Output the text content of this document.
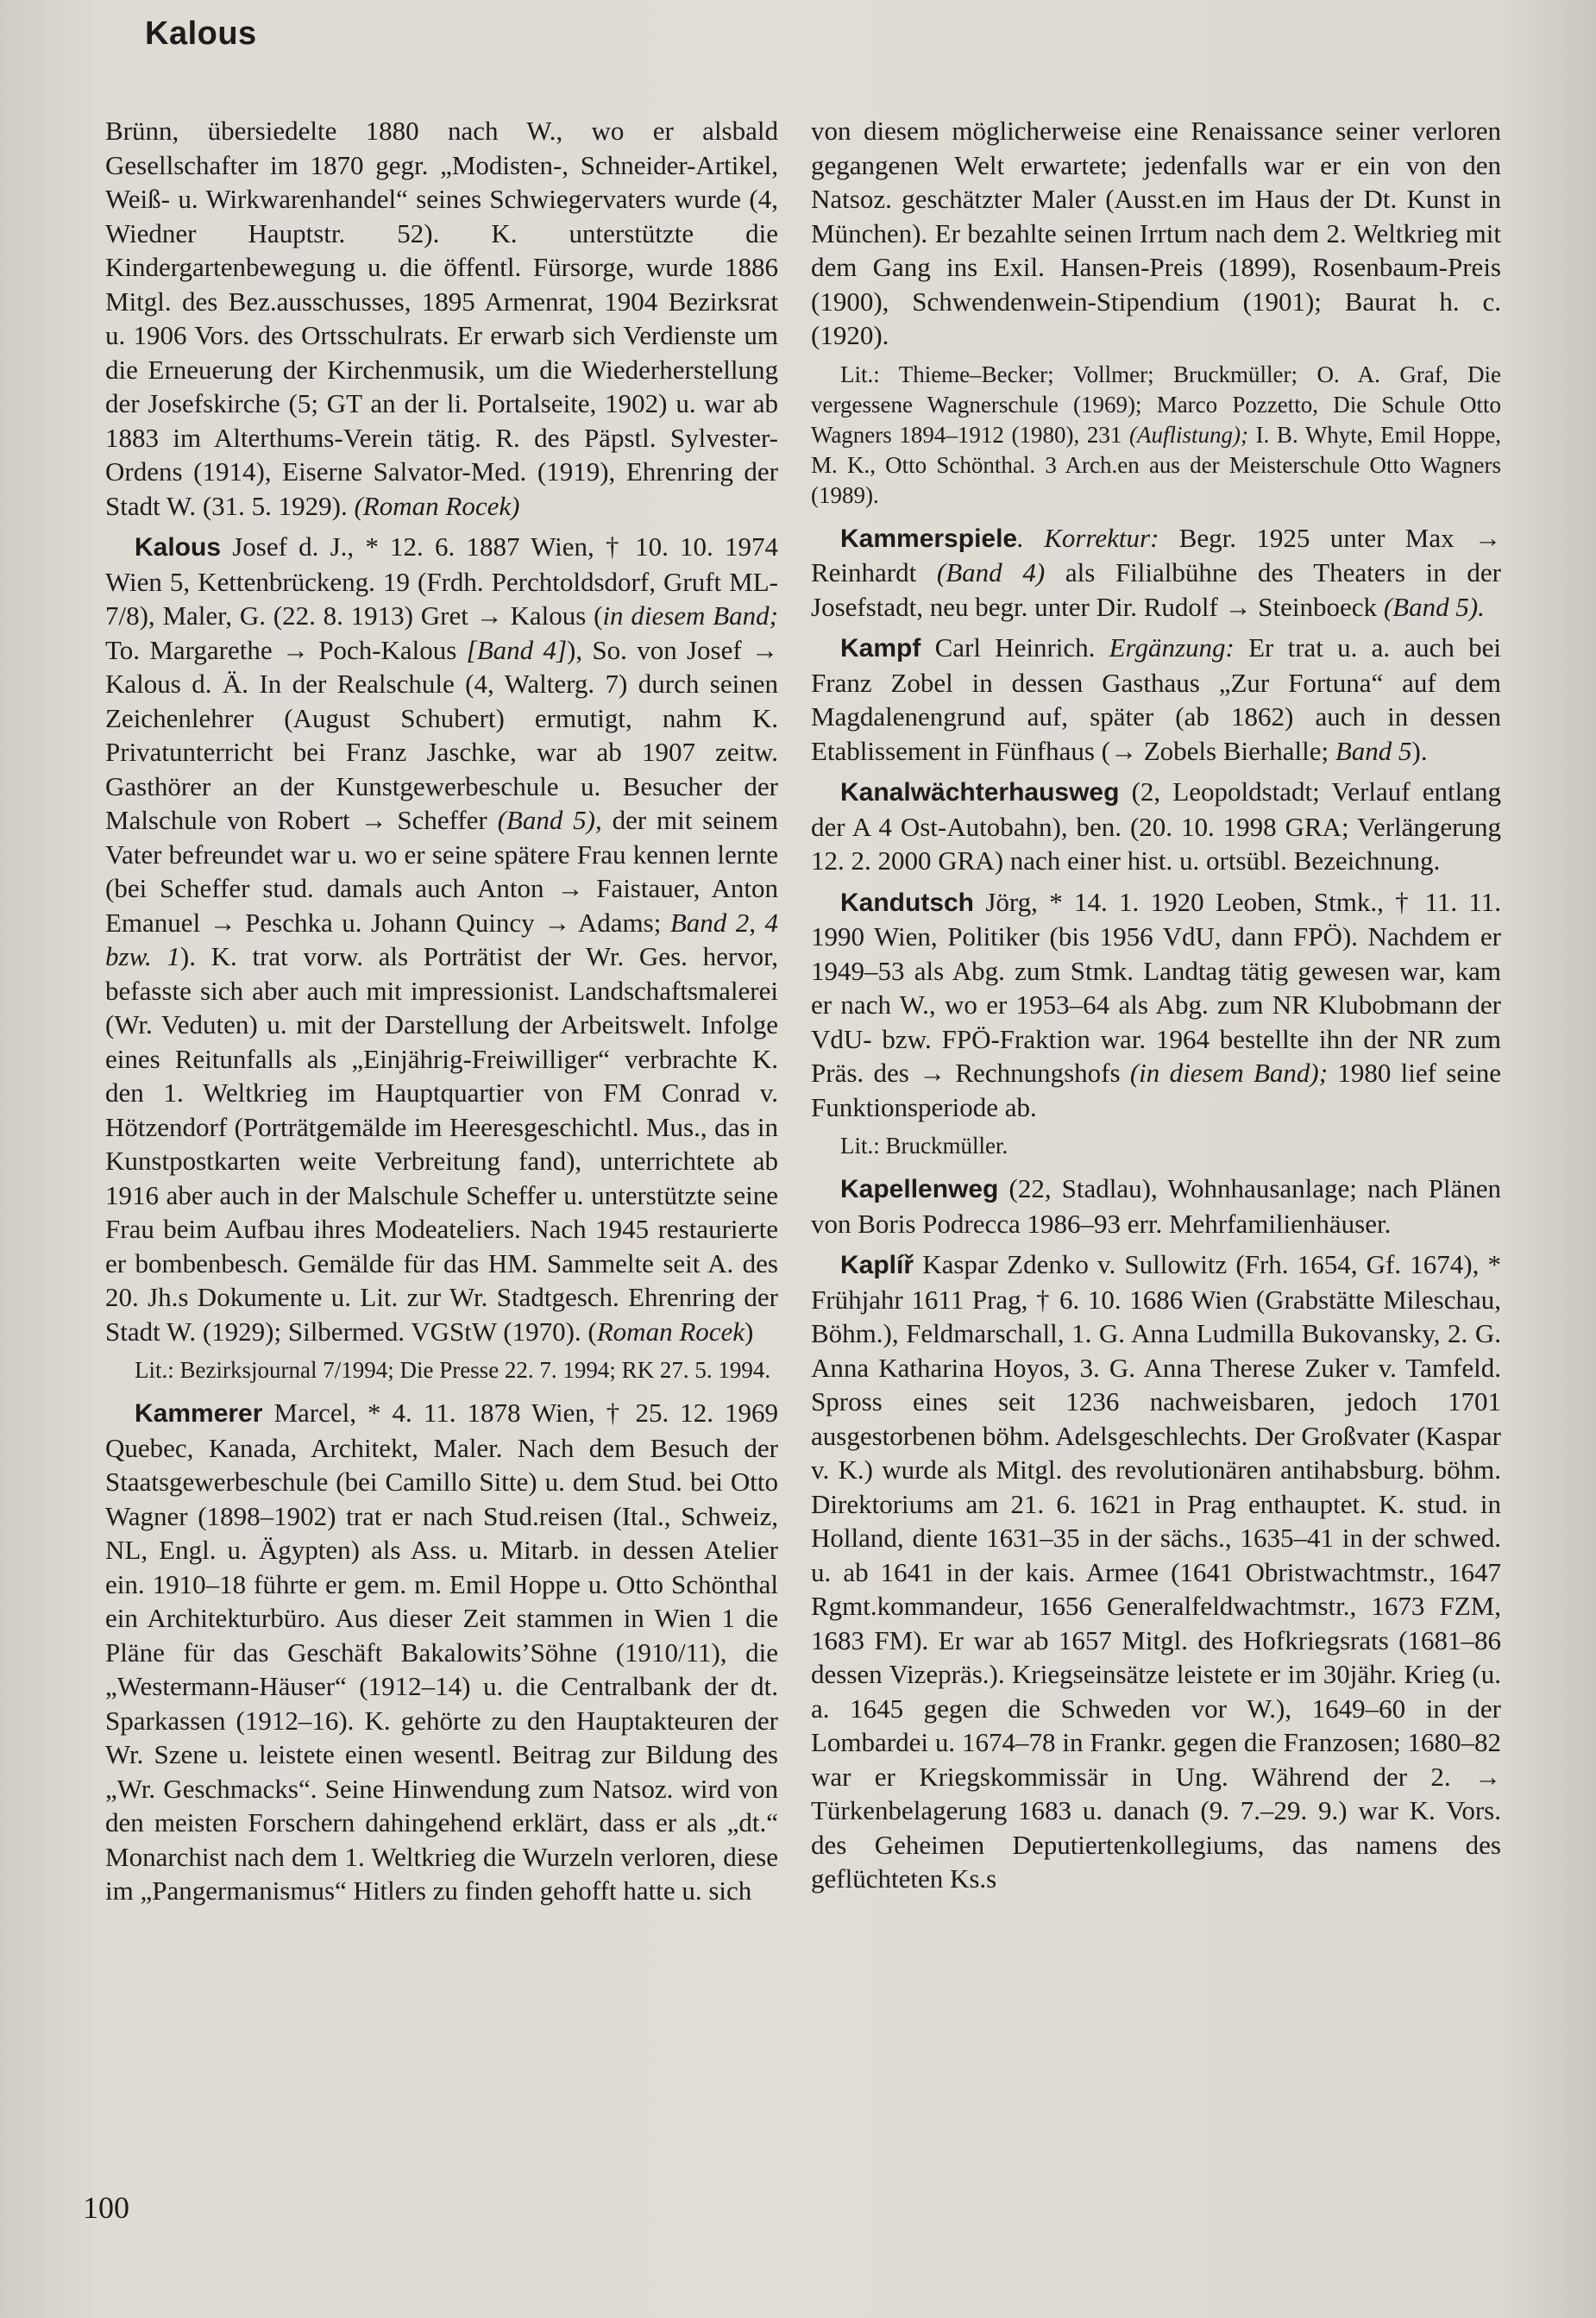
Kalous

Brünn, übersiedelte 1880 nach W., wo er alsbald Gesellschafter im 1870 gegr. „Modisten-, Schneider-Artikel, Weiß- u. Wirkwarenhandel“ seines Schwiegervaters wurde (4, Wiedner Hauptstr. 52). K. unterstützte die Kindergartenbewegung u. die öffentl. Fürsorge, wurde 1886 Mitgl. des Bez.ausschusses, 1895 Armenrat, 1904 Bezirksrat u. 1906 Vors. des Ortsschulrats. Er erwarb sich Verdienste um die Erneuerung der Kirchenmusik, um die Wiederherstellung der Josefskirche (5; GT an der li. Portalseite, 1902) u. war ab 1883 im Alterthums-Verein tätig. R. des Päpstl. Sylvester-Ordens (1914), Eiserne Salvator-Med. (1919), Ehrenring der Stadt W. (31. 5. 1929). (Roman Rocek)

Kalous Josef d. J., * 12. 6. 1887 Wien, † 10. 10. 1974 Wien 5, Kettenbrückeng. 19 (Frdh. Perchtoldsdorf, Gruft ML-7/8), Maler, G. (22. 8. 1913) Gret → Kalous (in diesem Band; To. Margarethe → Poch-Kalous [Band 4]), So. von Josef → Kalous d. Ä. In der Realschule (4, Walterg. 7) durch seinen Zeichenlehrer (August Schubert) ermutigt, nahm K. Privatunterricht bei Franz Jaschke, war ab 1907 zeitw. Gasthörer an der Kunstgewerbeschule u. Besucher der Malschule von Robert → Scheffer (Band 5), der mit seinem Vater befreundet war u. wo er seine spätere Frau kennen lernte (bei Scheffer stud. damals auch Anton → Faistauer, Anton Emanuel → Peschka u. Johann Quincy → Adams; Band 2, 4 bzw. 1). K. trat vorw. als Porträtist der Wr. Ges. hervor, befasste sich aber auch mit impressionist. Landschaftsmalerei (Wr. Veduten) u. mit der Darstellung der Arbeitswelt. Infolge eines Reitunfalls als „Einjährig-Freiwilliger“ verbrachte K. den 1. Weltkrieg im Hauptquartier von FM Conrad v. Hötzendorf (Porträtgemälde im Heeresgeschichtl. Mus., das in Kunstpostkarten weite Verbreitung fand), unterrichtete ab 1916 aber auch in der Malschule Scheffer u. unterstützte seine Frau beim Aufbau ihres Modeateliers. Nach 1945 restaurierte er bombenbesch. Gemälde für das HM. Sammelte seit A. des 20. Jh.s Dokumente u. Lit. zur Wr. Stadtgesch. Ehrenring der Stadt W. (1929); Silbermed. VGStW (1970). (Roman Rocek)

Lit.: Bezirksjournal 7/1994; Die Presse 22. 7. 1994; RK 27. 5. 1994.

Kammerer Marcel, * 4. 11. 1878 Wien, † 25. 12. 1969 Quebec, Kanada, Architekt, Maler. Nach dem Besuch der Staatsgewerbeschule (bei Camillo Sitte) u. dem Stud. bei Otto Wagner (1898–1902) trat er nach Stud.reisen (Ital., Schweiz, NL, Engl. u. Ägypten) als Ass. u. Mitarb. in dessen Atelier ein. 1910–18 führte er gem. m. Emil Hoppe u. Otto Schönthal ein Architekturbüro. Aus dieser Zeit stammen in Wien 1 die Pläne für das Geschäft Bakalowits’Söhne (1910/11), die „Westermann-Häuser“ (1912–14) u. die Centralbank der dt. Sparkassen (1912–16). K. gehörte zu den Hauptakteuren der Wr. Szene u. leistete einen wesentl. Beitrag zur Bildung des „Wr. Geschmacks“. Seine Hinwendung zum Natsoz. wird von den meisten Forschern dahingehend erklärt, dass er als „dt.“ Monarchist nach dem 1. Weltkrieg die Wurzeln verloren, diese im „Pangermanismus“ Hitlers zu finden gehofft hatte u. sich

von diesem möglicherweise eine Renaissance seiner verloren gegangenen Welt erwartete; jedenfalls war er ein von den Natsoz. geschätzter Maler (Ausst.en im Haus der Dt. Kunst in München). Er bezahlte seinen Irrtum nach dem 2. Weltkrieg mit dem Gang ins Exil. Hansen-Preis (1899), Rosenbaum-Preis (1900), Schwendenwein-Stipendium (1901); Baurat h. c. (1920).

Lit.: Thieme–Becker; Vollmer; Bruckmüller; O. A. Graf, Die vergessene Wagnerschule (1969); Marco Pozzetto, Die Schule Otto Wagners 1894–1912 (1980), 231 (Auflistung); I. B. Whyte, Emil Hoppe, M. K., Otto Schönthal. 3 Arch.en aus der Meisterschule Otto Wagners (1989).

Kammerspiele. Korrektur: Begr. 1925 unter Max → Reinhardt (Band 4) als Filialbühne des Theaters in der Josefstadt, neu begr. unter Dir. Rudolf → Steinboeck (Band 5).

Kampf Carl Heinrich. Ergänzung: Er trat u. a. auch bei Franz Zobel in dessen Gasthaus „Zur Fortuna“ auf dem Magdalenengrund auf, später (ab 1862) auch in dessen Etablissement in Fünfhaus (→ Zobels Bierhalle; Band 5).

Kanalwächterhausweg (2, Leopoldstadt; Verlauf entlang der A 4 Ost-Autobahn), ben. (20. 10. 1998 GRA; Verlängerung 12. 2. 2000 GRA) nach einer hist. u. ortsübl. Bezeichnung.

Kandutsch Jörg, * 14. 1. 1920 Leoben, Stmk., † 11. 11. 1990 Wien, Politiker (bis 1956 VdU, dann FPÖ). Nachdem er 1949–53 als Abg. zum Stmk. Landtag tätig gewesen war, kam er nach W., wo er 1953–64 als Abg. zum NR Klubobmann der VdU- bzw. FPÖ-Fraktion war. 1964 bestellte ihn der NR zum Präs. des → Rechnungshofs (in diesem Band); 1980 lief seine Funktionsperiode ab.

Lit.: Bruckmüller.

Kapellenweg (22, Stadlau), Wohnhausanlage; nach Plänen von Boris Podrecca 1986–93 err. Mehrfamilienhäuser.

Kaplíř Kaspar Zdenko v. Sullowitz (Frh. 1654, Gf. 1674), * Frühjahr 1611 Prag, † 6. 10. 1686 Wien (Grabstätte Mileschau, Böhm.), Feldmarschall, 1. G. Anna Ludmilla Bukovansky, 2. G. Anna Katharina Hoyos, 3. G. Anna Therese Zuker v. Tamfeld. Spross eines seit 1236 nachweisbaren, jedoch 1701 ausgestorbenen böhm. Adelsgeschlechts. Der Großvater (Kaspar v. K.) wurde als Mitgl. des revolutionären antihabsburg. böhm. Direktoriums am 21. 6. 1621 in Prag enthauptet. K. stud. in Holland, diente 1631–35 in der sächs., 1635–41 in der schwed. u. ab 1641 in der kais. Armee (1641 Obristwachtmstr., 1647 Rgmt.kommandeur, 1656 Generalfeldwachtmstr., 1673 FZM, 1683 FM). Er war ab 1657 Mitgl. des Hofkriegsrats (1681–86 dessen Vizepräs.). Kriegseinsätze leistete er im 30jähr. Krieg (u. a. 1645 gegen die Schweden vor W.), 1649–60 in der Lombardei u. 1674–78 in Frankr. gegen die Franzosen; 1680–82 war er Kriegskommissär in Ung. Während der 2. → Türkenbelagerung 1683 u. danach (9. 7.–29. 9.) war K. Vors. des Geheimen Deputiertenkollegiums, das namens des geflüchteten Ks.s

100
